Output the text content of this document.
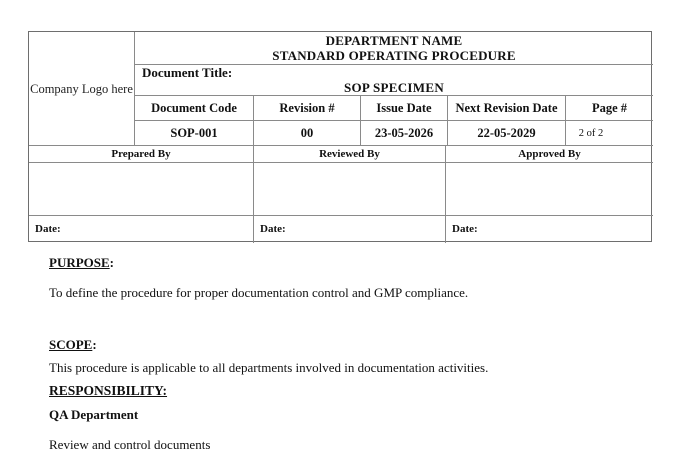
Company Logo here
DEPARTMENT NAME
STANDARD OPERATING PROCEDURE
Document Title:
SOP SPECIMEN
Document Code	Revision #	Issue Date	Next Revision Date	Page #
SOP-001	00	23-05-2026	22-05-2029	2 of 2
Prepared By	Reviewed By	Approved By
Date:	Date:	Date:
PURPOSE:
To define the procedure for proper documentation control and GMP compliance.
SCOPE:
This procedure is applicable to all departments involved in documentation activities.
RESPONSIBILITY:
QA Department
Review and control documents
